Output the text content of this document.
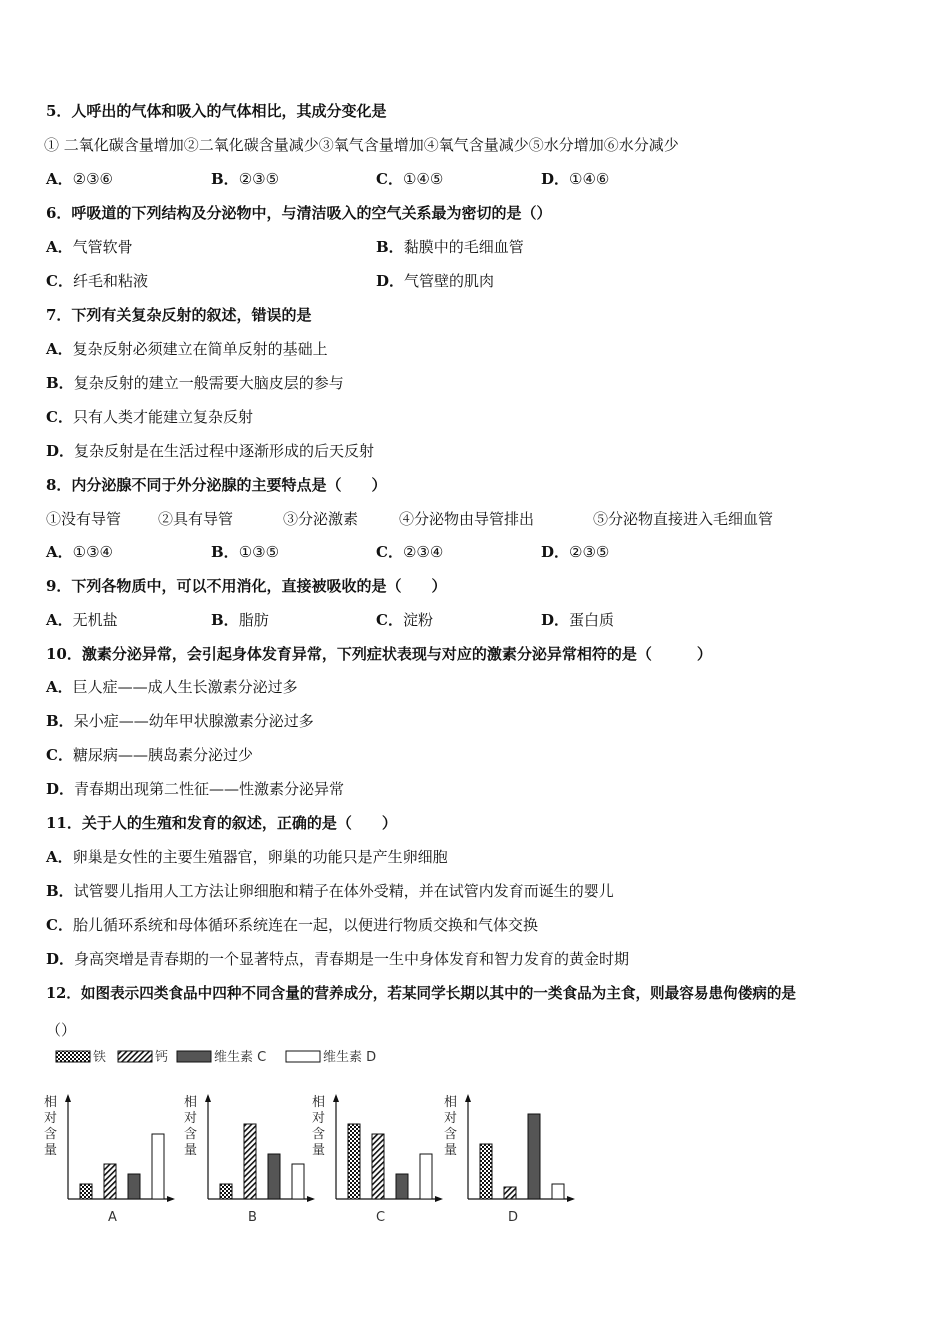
5．人呼出的气体和吸入的气体相比，其成分变化是
① 二氧化碳含量增加②二氧化碳含量减少③氧气含量增加④氧气含量减少⑤水分增加⑥水分减少
A．②③⑥	B．②③⑤	C．①④⑤	D．①④⑥
6．呼吸道的下列结构及分泌物中，与清洁吸入的空气关系最为密切的是（）
A．气管软骨	B．黏膜中的毛细血管
C．纤毛和粘液	D．气管壁的肌肉
7．下列有关复杂反射的叙述，错误的是
A．复杂反射必须建立在简单反射的基础上
B．复杂反射的建立一般需要大脑皮层的参与
C．只有人类才能建立复杂反射
D．复杂反射是在生活过程中逐渐形成的后天反射
8．内分泌腺不同于外分泌腺的主要特点是（　　）
①没有导管 ②具有导管	③分泌激素	④分泌物由导管排出	⑤分泌物直接进入毛细血管
A．①③④	B．①③⑤	C．②③④	D．②③⑤
9．下列各物质中，可以不用消化，直接被吸收的是（　　）
A．无机盐	B．脂肪	C．淀粉	D．蛋白质
10．激素分泌异常，会引起身体发育异常，下列症状表现与对应的激素分泌异常相符的是（　　　）
A．巨人症——成人生长激素分泌过多
B．呆小症——幼年甲状腺激素分泌过多
C．糖尿病——胰岛素分泌过少
D．青春期出现第二性征——性激素分泌异常
11．关于人的生殖和发育的叙述，正确的是（　　）
A．卵巢是女性的主要生殖器官，卵巢的功能只是产生卵细胞
B．试管婴儿指用人工方法让卵细胞和精子在体外受精，并在试管内发育而诞生的婴儿
C．胎儿循环系统和母体循环系统连在一起，以便进行物质交换和气体交换
D．身高突增是青春期的一个显著特点，青春期是一生中身体发育和智力发育的黄金时期
12．如图表示四类食品中四种不同含量的营养成分，若某同学长期以其中的一类食品为主食，则最容易患佝偻病的是
（）
铁	钙	维生素 C	维生素 D
相
对
含
量
A
相
对
含
量
B
相
对
含
量
C
相
对
含
量
D
